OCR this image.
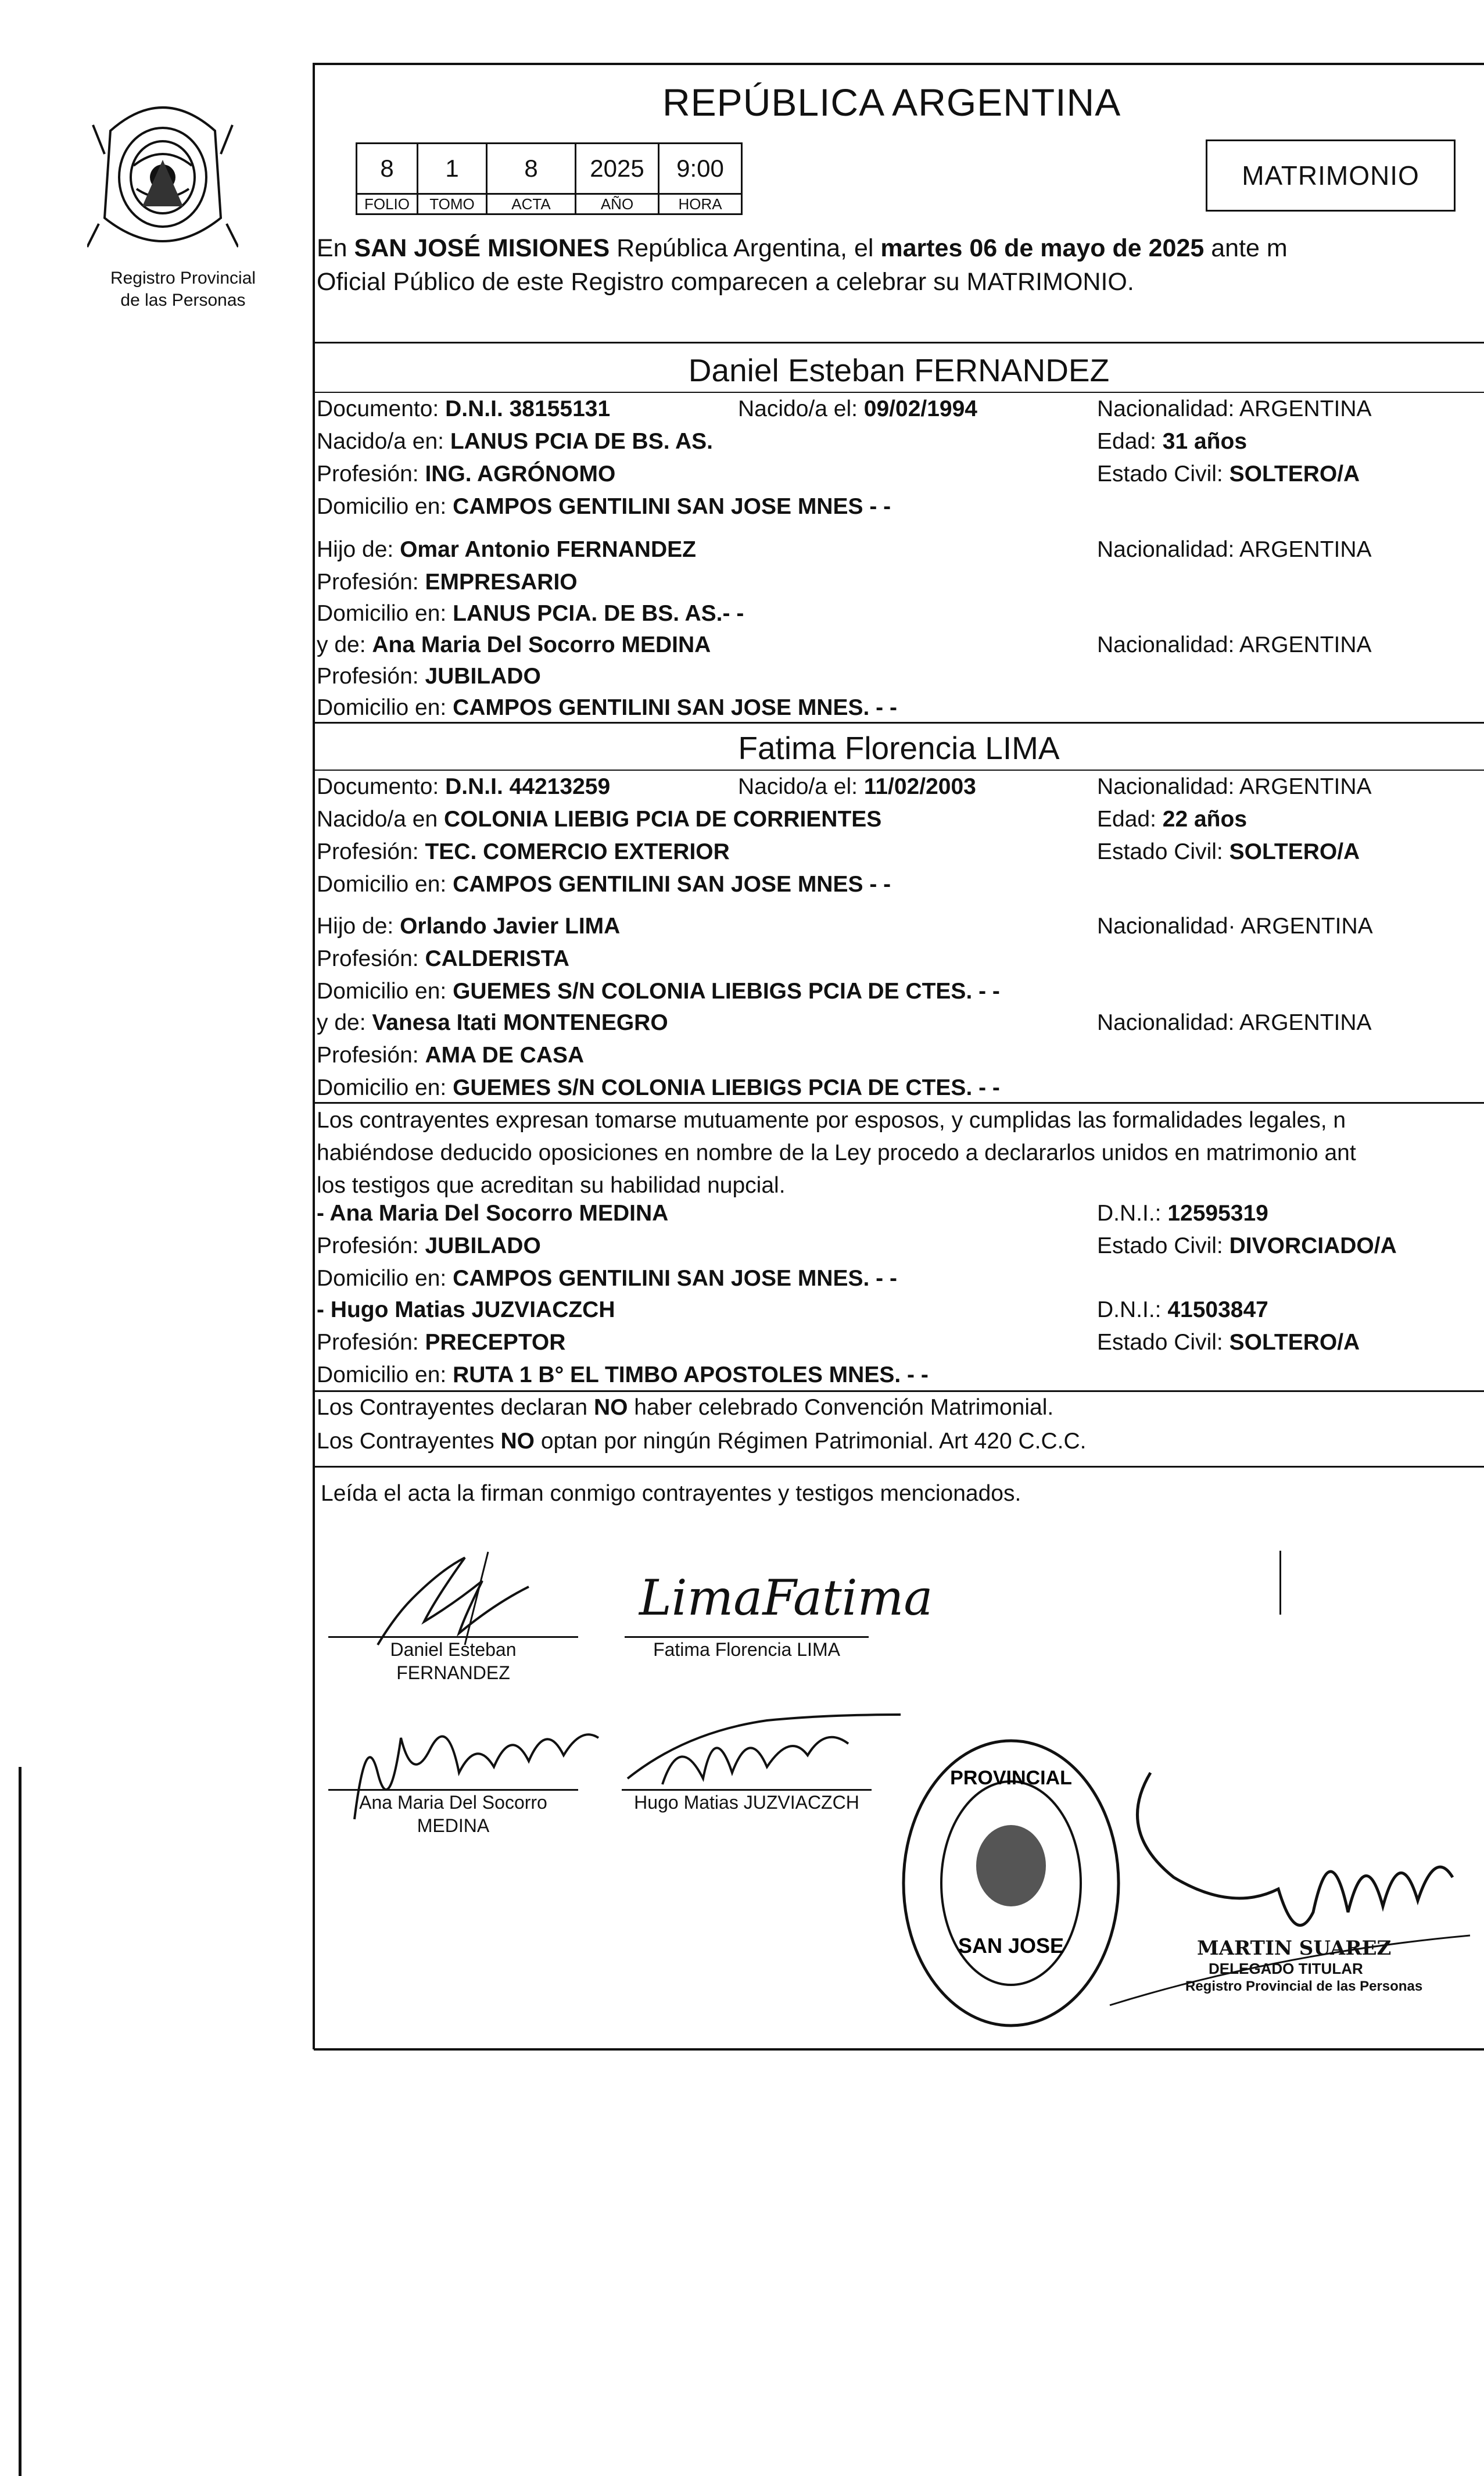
Registro Provincial
de las Personas
REPÚBLICA ARGENTINA
8	1	8	2025	9:00
FOLIO	TOMO	ACTA	AÑO	HORA
MATRIMONIO
En SAN JOSÉ MISIONES República Argentina, el martes 06 de mayo de 2025 ante m
Oficial Público de este Registro comparecen a celebrar su MATRIMONIO.
Daniel Esteban FERNANDEZ
Documento: D.N.I. 38155131	Nacido/a el: 09/02/1994	Nacionalidad: ARGENTINA
Nacido/a en: LANUS PCIA DE BS. AS.	Edad: 31 años
Profesión: ING. AGRÓNOMO	Estado Civil: SOLTERO/A
Domicilio en: CAMPOS GENTILINI SAN JOSE MNES - -
Hijo de: Omar Antonio FERNANDEZ	Nacionalidad: ARGENTINA
Profesión: EMPRESARIO
Domicilio en: LANUS PCIA. DE BS. AS.- -
y de: Ana Maria Del Socorro MEDINA	Nacionalidad: ARGENTINA
Profesión: JUBILADO
Domicilio en: CAMPOS GENTILINI SAN JOSE MNES. - -
Fatima Florencia LIMA
Documento: D.N.I. 44213259	Nacido/a el: 11/02/2003	Nacionalidad: ARGENTINA
Nacido/a en COLONIA LIEBIG PCIA DE CORRIENTES	Edad: 22 años
Profesión: TEC. COMERCIO EXTERIOR	Estado Civil: SOLTERO/A
Domicilio en: CAMPOS GENTILINI SAN JOSE MNES - -
Hijo de: Orlando Javier LIMA	Nacionalidad· ARGENTINA
Profesión: CALDERISTA
Domicilio en: GUEMES S/N COLONIA LIEBIGS PCIA DE CTES. - -
y de: Vanesa Itati MONTENEGRO	Nacionalidad: ARGENTINA
Profesión: AMA DE CASA
Domicilio en: GUEMES S/N COLONIA LIEBIGS PCIA DE CTES. - -
Los contrayentes expresan tomarse mutuamente por esposos, y cumplidas las formalidades legales, n
habiéndose deducido oposiciones en nombre de la Ley procedo a declararlos unidos en matrimonio ant
los testigos que acreditan su habilidad nupcial.
- Ana Maria Del Socorro MEDINA	D.N.I.: 12595319
Profesión: JUBILADO	Estado Civil: DIVORCIADO/A
Domicilio en: CAMPOS GENTILINI SAN JOSE MNES. - -
- Hugo Matias JUZVIACZCH	D.N.I.: 41503847
Profesión: PRECEPTOR	Estado Civil: SOLTERO/A
Domicilio en: RUTA 1 B° EL TIMBO APOSTOLES MNES. - -
Los Contrayentes declaran NO haber celebrado Convención Matrimonial.
Los Contrayentes NO optan por ningún Régimen Patrimonial. Art 420 C.C.C.
Leída el acta la firman conmigo contrayentes y testigos mencionados.
Daniel Esteban
FERNANDEZ
LimaFatima
Fatima Florencia LIMA
Ana Maria Del Socorro
MEDINA
Hugo Matias JUZVIACZCH
PROVINCIAL
SAN JOSE	MARTIN SUAREZ
DELEGADO TITULAR
Registro Provincial de las Personas
